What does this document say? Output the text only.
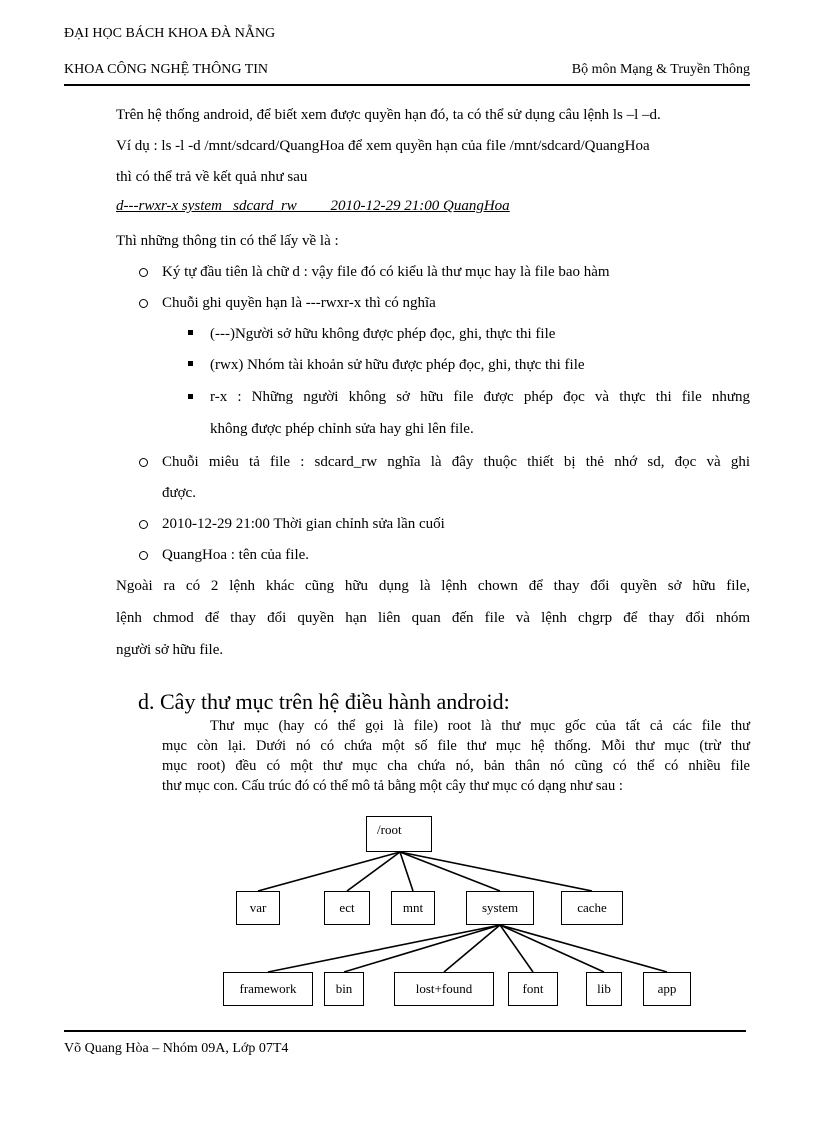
ĐẠI HỌC BÁCH KHOA ĐÀ NẴNG
KHOA CÔNG NGHỆ THÔNG TIN	Bộ môn Mạng & Truyền Thông
Trên hệ thống android, để biết xem được quyền hạn đó, ta có thể sử dụng câu lệnh ls –l –d.
Ví dụ : ls -l -d /mnt/sdcard/QuangHoa để xem quyền hạn của file /mnt/sdcard/QuangHoa
thì có thể trả về kết quả như sau
d---rwxr-x system   sdcard_rw         2010-12-29 21:00 QuangHoa
Thì những thông tin có thể lấy về là :
Ký tự đầu tiên là chữ d : vậy file đó có kiểu là thư mục hay là file bao hàm
Chuỗi ghi quyền hạn là ---rwxr-x thì có nghĩa
(---)Người sở hữu không được phép đọc, ghi, thực thi file
(rwx) Nhóm tài khoản sử hữu được phép đọc, ghi, thực thi file
r-x : Những người không sở hữu file được phép đọc và thực thi file nhưng
không được phép chỉnh sửa hay ghi lên file.
Chuỗi miêu tả file : sdcard_rw nghĩa là đây thuộc thiết bị thẻ nhớ sd, đọc và ghi
được.
2010-12-29 21:00 Thời gian chỉnh sửa lần cuối
QuangHoa : tên của file.
Ngoài ra có 2 lệnh khác cũng hữu dụng là lệnh chown để thay đổi quyền sở hữu file,
lệnh chmod để thay đổi quyền hạn liên quan đến file và lệnh chgrp để thay đổi nhóm
người sở hữu file.
d. Cây thư mục trên hệ điều hành android:
Thư mục (hay có thể gọi là file) root là thư mục gốc của tất cả các file thư
mục còn lại. Dưới nó có chứa một số file thư mục hệ thống. Mỗi thư mục (trừ thư
mục root) đều có một thư mục cha chứa nó, bản thân nó cũng có thể có nhiều file
thư mục con. Cấu trúc đó có thể mô tả bằng một cây thư mục có dạng như sau :
/root
var	ect	mnt	system	cache
framework	bin	lost+found	font	lib	app
Võ Quang Hòa – Nhóm 09A, Lớp 07T4
